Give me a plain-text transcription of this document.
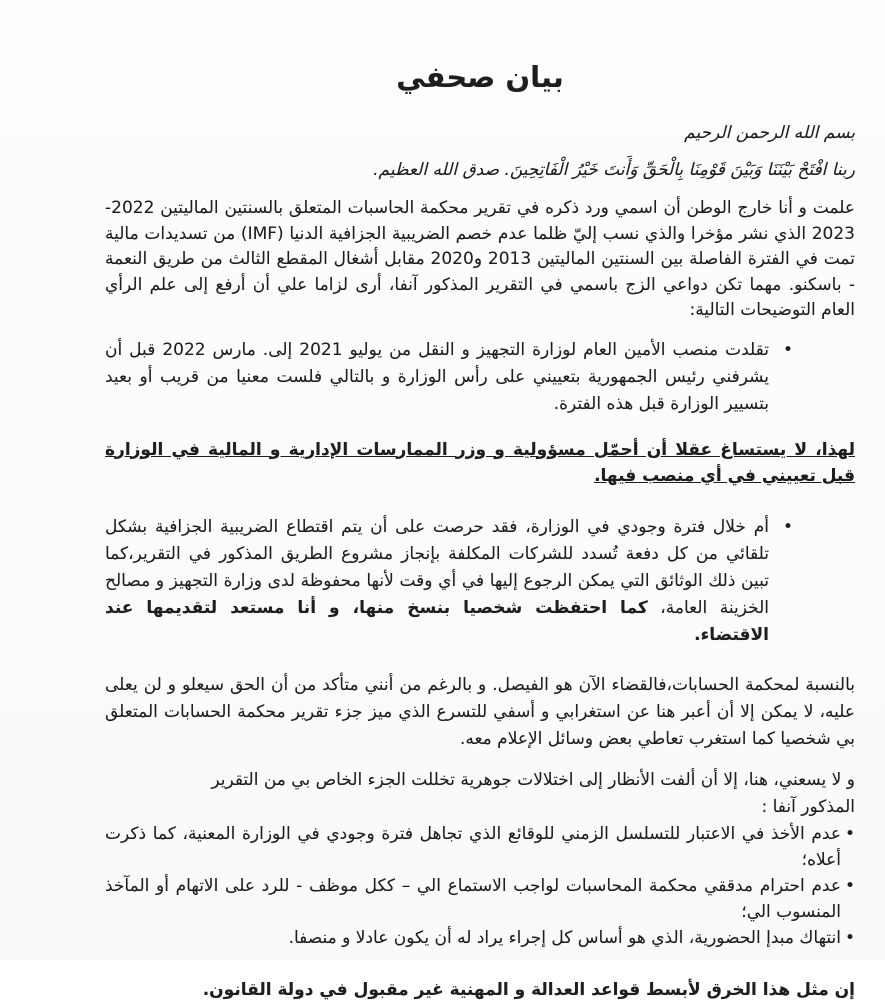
بيان صحفي
بسم الله الرحمن الرحيم
ربنا افْتَحْ بَيْنَنَا وَبَيْنَ قَوْمِنَا بِالْحَقِّ وَأَنتَ خَيْرُ الْفَاتِحِينَ. صدق الله العظيم.

علمت و أنا خارج الوطن أن اسمي ورد ذكره في تقرير محكمة الحاسبات المتعلق بالسنتين الماليتين 2022-2023 الذي نشر مؤخرا والذي نسب إليّ ظلما عدم خصم الضريبية الجزافية الدنيا (IMF) من تسديدات مالية تمت في الفترة الفاصلة بين السنتين الماليتين 2013 و2020 مقابل أشغال المقطع الثالث من طريق النعمة - باسكنو. مهما تكن دواعي الزج باسمي في التقرير المذكور آنفا، أرى لزاما علي أن أرفع إلى علم الرأي العام التوضيحات التالية:

•
تقلدت منصب الأمين العام لوزارة التجهيز و النقل من يوليو 2021 إلى. مارس 2022 قبل أن يشرفني رئيس الجمهورية بتعييني على رأس الوزارة و بالتالي فلست معنيا من قريب أو بعيد بتسيير الوزارة قبل هذه الفترة.

لهذا، لا يستساغ عقلا أن أحمّل مسؤولية و وزر الممارسات الإدارية و المالية في الوزارة قبل تعييني في أي منصب فيها.

•
أم خلال فترة وجودي في الوزارة، فقد حرصت على أن يتم اقتطاع الضريبية الجزافية بشكل تلقائي من كل دفعة تُسدد للشركات المكلفة بإنجاز مشروع الطريق المذكور في التقرير،كما تبين ذلك الوثائق التي يمكن الرجوع إليها في أي وقت لأنها محفوظة لدى وزارة التجهيز و مصالح الخزينة العامة، كما احتفظت شخصيا بنسخ منها، و أنا مستعد لتقديمها عند الاقتضاء.

بالنسبة لمحكمة الحسابات،فالقضاء الآن هو الفيصل. و بالرغم من أنني متأكد من أن الحق سيعلو و لن يعلى عليه، لا يمكن إلا أن أعبر هنا عن استغرابي و أسفي للتسرع الذي ميز جزء تقرير محكمة الحسابات المتعلق بي شخصيا كما استغرب تعاطي بعض وسائل الإعلام معه.

و لا يسعني، هنا، إلا أن ألفت الأنظار إلى اختلالات جوهرية تخللت الجزء الخاص بي من التقرير
المذكور آنفا :

•
عدم الأخذ في الاعتبار للتسلسل الزمني للوقائع الذي تجاهل فترة وجودي في الوزارة المعنية، كما ذكرت أعلاه؛
•
عدم احترام مدققي محكمة المحاسبات لواجب الاستماع الي – ككل موظف - للرد على الاتهام أو المآخذ المنسوب الي؛
•
انتهاك مبدإ الحضورية، الذي هو أساس كل إجراء يراد له أن يكون عادلا و منصفا.

إن مثل هذا الخرق لأبسط قواعد العدالة و المهنية غير مقبول في دولة القانون.
